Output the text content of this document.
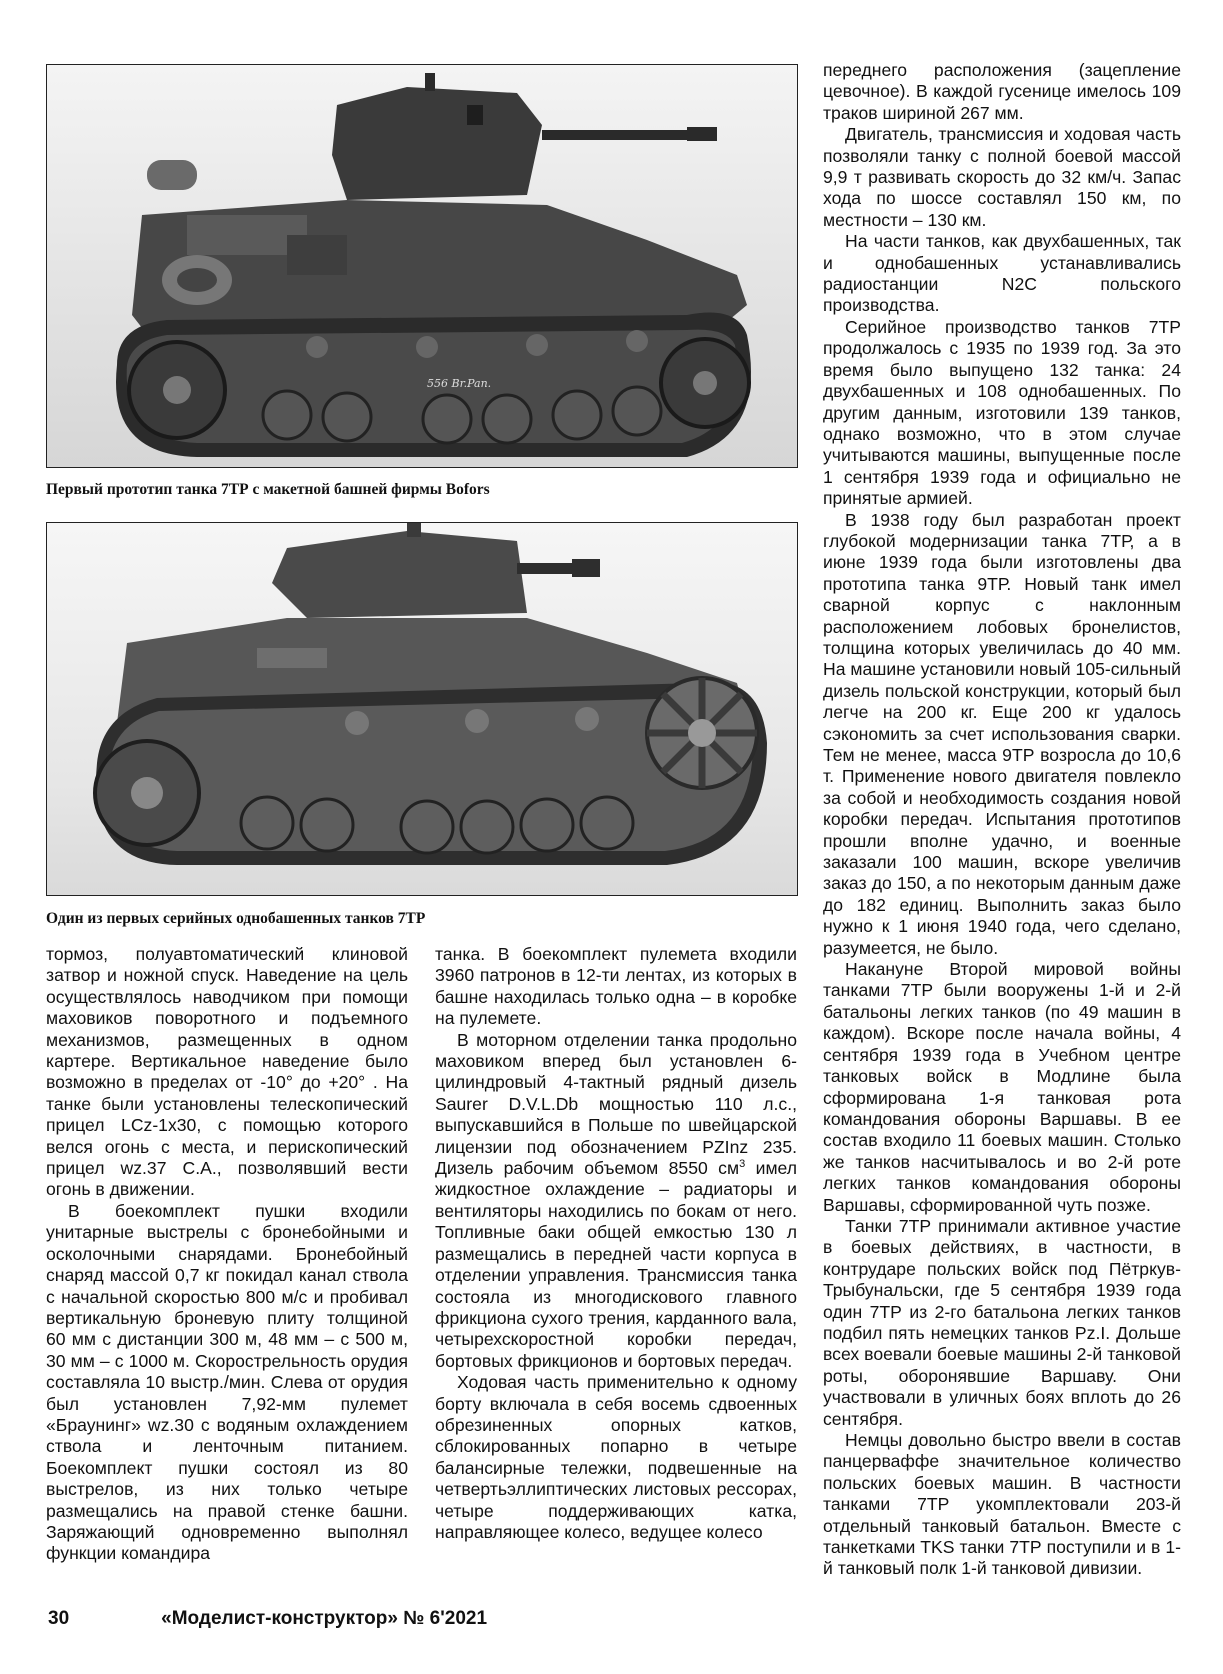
556 Br.Pan.
Первый прототип танка 7ТР с макетной башней фирмы Bofors
Один из первых серийных однобашенных танков 7ТР

переднего расположения (зацепление цевочное). В каждой гусенице имелось 109 траков шириной 267 мм.

Двигатель, трансмиссия и ходовая часть позволяли танку с полной боевой массой 9,9 т развивать скорость до 32 км/ч. Запас хода по шоссе составлял 150 км, по местности – 130 км.

На части танков, как двухбашенных, так и однобашенных устанавливались радиостанции N2C польского производства.

Серийное производство танков 7ТР продолжалось с 1935 по 1939 год. За это время было выпущено 132 танка: 24 двухбашенных и 108 однобашенных. По другим данным, изготовили 139 танков, однако возможно, что в этом случае учитываются машины, выпущенные после 1 сентября 1939 года и официально не принятые армией.

В 1938 году был разработан проект глубокой модернизации танка 7ТР, а в июне 1939 года были изготовлены два прототипа танка 9ТР. Новый танк имел сварной корпус с наклонным расположением лобовых бронелистов, толщина которых увеличилась до 40 мм. На машине установили новый 105-сильный дизель польской конструкции, который был легче на 200 кг. Еще 200 кг удалось сэкономить за счет использования сварки. Тем не менее, масса 9ТР возросла до 10,6 т. Применение нового двигателя повлекло за собой и необходимость создания новой коробки передач. Испытания прототипов прошли вполне удачно, и военные заказали 100 машин, вскоре увеличив заказ до 150, а по некоторым данным даже до 182 единиц. Выполнить заказ было нужно к 1 июня 1940 года, чего сделано, разумеется, не было.

Накануне Второй мировой войны танками 7ТР были вооружены 1-й и 2-й батальоны легких танков (по 49 машин в каждом). Вскоре после начала войны, 4 сентября 1939 года в Учебном центре танковых войск в Модлине была сформирована 1-я танковая рота командования обороны Варшавы. В ее состав входило 11 боевых машин. Столько же танков насчитывалось и во 2-й роте легких танков командования обороны Варшавы, сформированной чуть позже.

Танки 7ТР принимали активное участие в боевых действиях, в частности, в контрударе польских войск под Пётркув-Трыбунальски, где 5 сентября 1939 года один 7ТР из 2-го батальона легких танков подбил пять немецких танков Pz.I. Дольше всех воевали боевые машины 2-й танковой роты, оборонявшие Варшаву. Они участвовали в уличных боях вплоть до 26 сентября.

Немцы довольно быстро ввели в состав панцерваффе значительное количество польских боевых машин. В частности танками 7ТР укомплектовали 203-й отдельный танковый батальон. Вместе с танкетками TKS танки 7ТР поступили и в 1-й танковый полк 1-й танковой дивизии.

тормоз, полуавтоматический клиновой затвор и ножной спуск. Наведение на цель осуществлялось наводчиком при помощи маховиков поворотного и подъемного механизмов, размещенных в одном картере. Вертикальное наведение было возможно в пределах от -10° до +20° . На танке были установлены телескопический прицел LCz-1х30, с помощью которого велся огонь с места, и перископический прицел wz.37 C.A., позволявший вести огонь в движении.

В боекомплект пушки входили унитарные выстрелы с бронебойными и осколочными снарядами. Бронебойный снаряд массой 0,7 кг покидал канал ствола с начальной скоростью 800 м/с и пробивал вертикальную броневую плиту толщиной 60 мм с дистанции 300 м, 48 мм – с 500 м, 30 мм – с 1000 м. Скорострельность орудия составляла 10 выстр./мин. Слева от орудия был установлен 7,92-мм пулемет «Браунинг» wz.30 с водяным охлаждением ствола и ленточным питанием. Боекомплект пушки состоял из 80 выстрелов, из них только четыре размещались на правой стенке башни. Заряжающий одновременно выполнял функции командира

танка. В боекомплект пулемета входили 3960 патронов в 12-ти лентах, из которых в башне находилась только одна – в коробке на пулемете.

В моторном отделении танка продольно маховиком вперед был установлен 6-цилиндровый 4-тактный рядный дизель Saurer D.V.L.Db мощностью 110 л.с., выпускавшийся в Польше по швейцарской лицензии под обозначением PZInz 235. Дизель рабочим объемом 8550 $см^3$ имел жидкостное охлаждение – радиаторы и вентиляторы находились по бокам от него. Топливные баки общей емкостью 130 л размещались в передней части корпуса в отделении управления. Трансмиссия танка состояла из многодискового главного фрикциона сухого трения, карданного вала, четырехскоростной коробки передач, бортовых фрикционов и бортовых передач.

Ходовая часть применительно к одному борту включала в себя восемь сдвоенных обрезиненных опорных катков, сблокированных попарно в четыре балансирные тележки, подвешенные на четвертьэллиптических листовых рессорах, четыре поддерживающих катка, направляющее колесо, ведущее колесо

30	«Моделист-конструктор» № 6'2021
